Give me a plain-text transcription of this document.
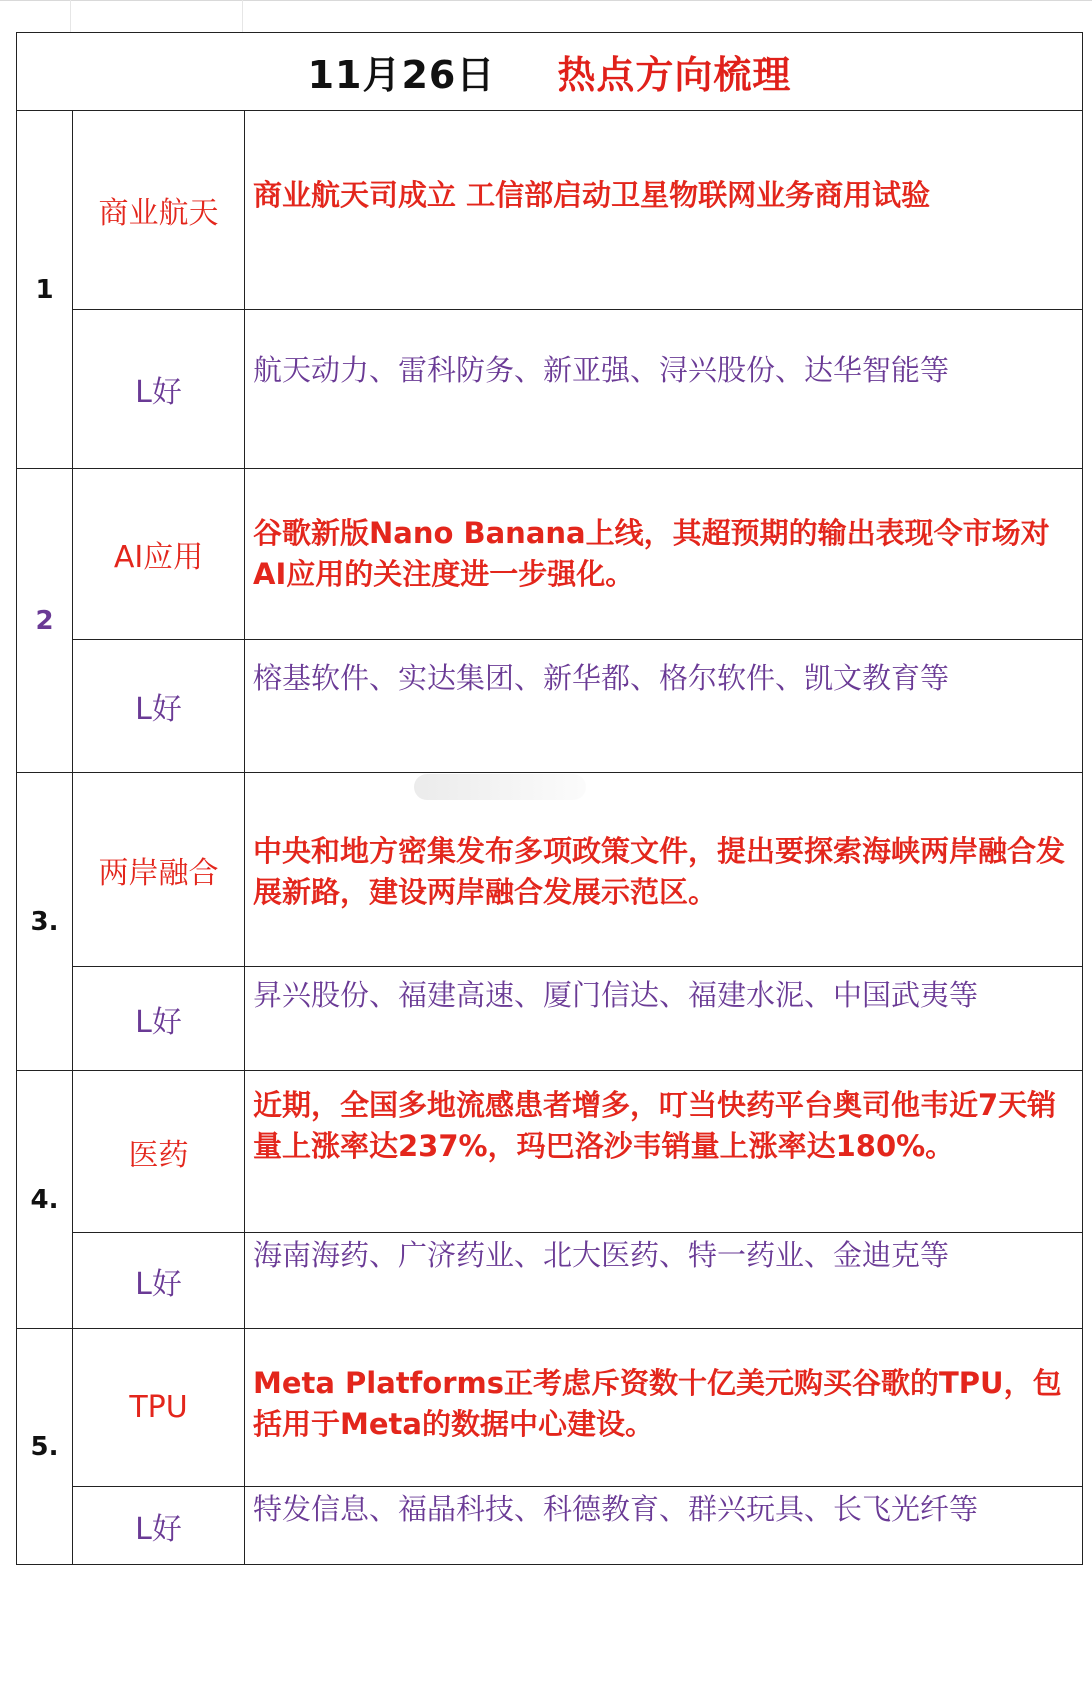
11月26日 热点方向梳理		
1	商业航天	商业航天司成立 工信部启动卫星物联网业务商用试验
	L好	航天动力、雷科防务、新亚强、浔兴股份、达华智能等
2	AI应用	谷歌新版Nano Banana上线，其超预期的输出表现令市场对AI应用的关注度进一步强化。
	L好	榕基软件、实达集团、新华都、格尔软件、凯文教育等
3.	两岸融合	中央和地方密集发布多项政策文件，提出要探索海峡两岸融合发展新路，建设两岸融合发展示范区。
	L好	昇兴股份、福建高速、厦门信达、福建水泥、中国武夷等
4.	医药	近期，全国多地流感患者增多，叮当快药平台奥司他韦近7天销量上涨率达237%，玛巴洛沙韦销量上涨率达180%。
	L好	海南海药、广济药业、北大医药、特一药业、金迪克等
5.	TPU	Meta Platforms正考虑斥资数十亿美元购买谷歌的TPU，包括用于Meta的数据中心建设。
	L好	特发信息、福晶科技、科德教育、群兴玩具、长飞光纤等
